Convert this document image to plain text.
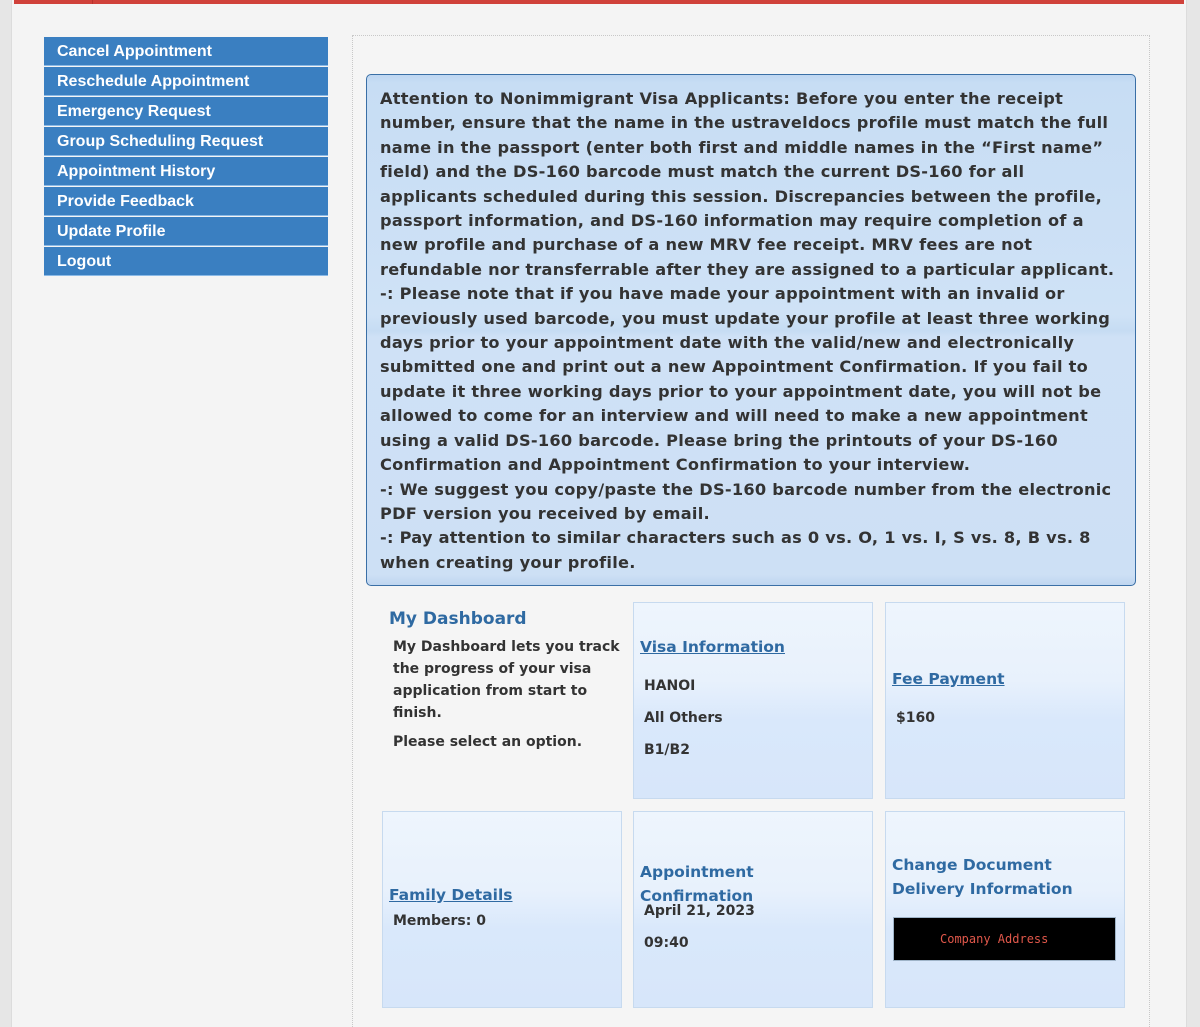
Cancel Appointment
Reschedule Appointment
Emergency Request
Group Scheduling Request
Appointment History
Provide Feedback
Update Profile
Logout

Attention to Nonimmigrant Visa Applicants: Before you enter the receipt number, ensure that the name in the ustraveldocs profile must match the full name in the passport (enter both first and middle names in the “First name” field) and the DS-160 barcode must match the current DS-160 for all applicants scheduled during this session. Discrepancies between the profile, passport information, and DS-160 information may require completion of a new profile and purchase of a new MRV fee receipt. MRV fees are not refundable nor transferrable after they are assigned to a particular applicant.

-: Please note that if you have made your appointment with an invalid or previously used barcode, you must update your profile at least three working days prior to your appointment date with the valid/new and electronically submitted one and print out a new Appointment Confirmation. If you fail to update it three working days prior to your appointment date, you will not be allowed to come for an interview and will need to make a new appointment using a valid DS-160 barcode. Please bring the printouts of your DS-160 Confirmation and Appointment Confirmation to your interview.

-: We suggest you copy/paste the DS-160 barcode number from the electronic PDF version you received by email.

-: Pay attention to similar characters such as 0 vs. O, 1 vs. I, S vs. 8, B vs. 8 when creating your profile.

My Dashboard

My Dashboard lets you track the progress of your visa application from start to finish.

Please select an option.

Visa Information
HANOI
All Others
B1/B2
Fee Payment
$160
Family Details
Members: 0
Appointment Confirmation
April 21, 2023
09:40
Change Document Delivery Information
Company Address
